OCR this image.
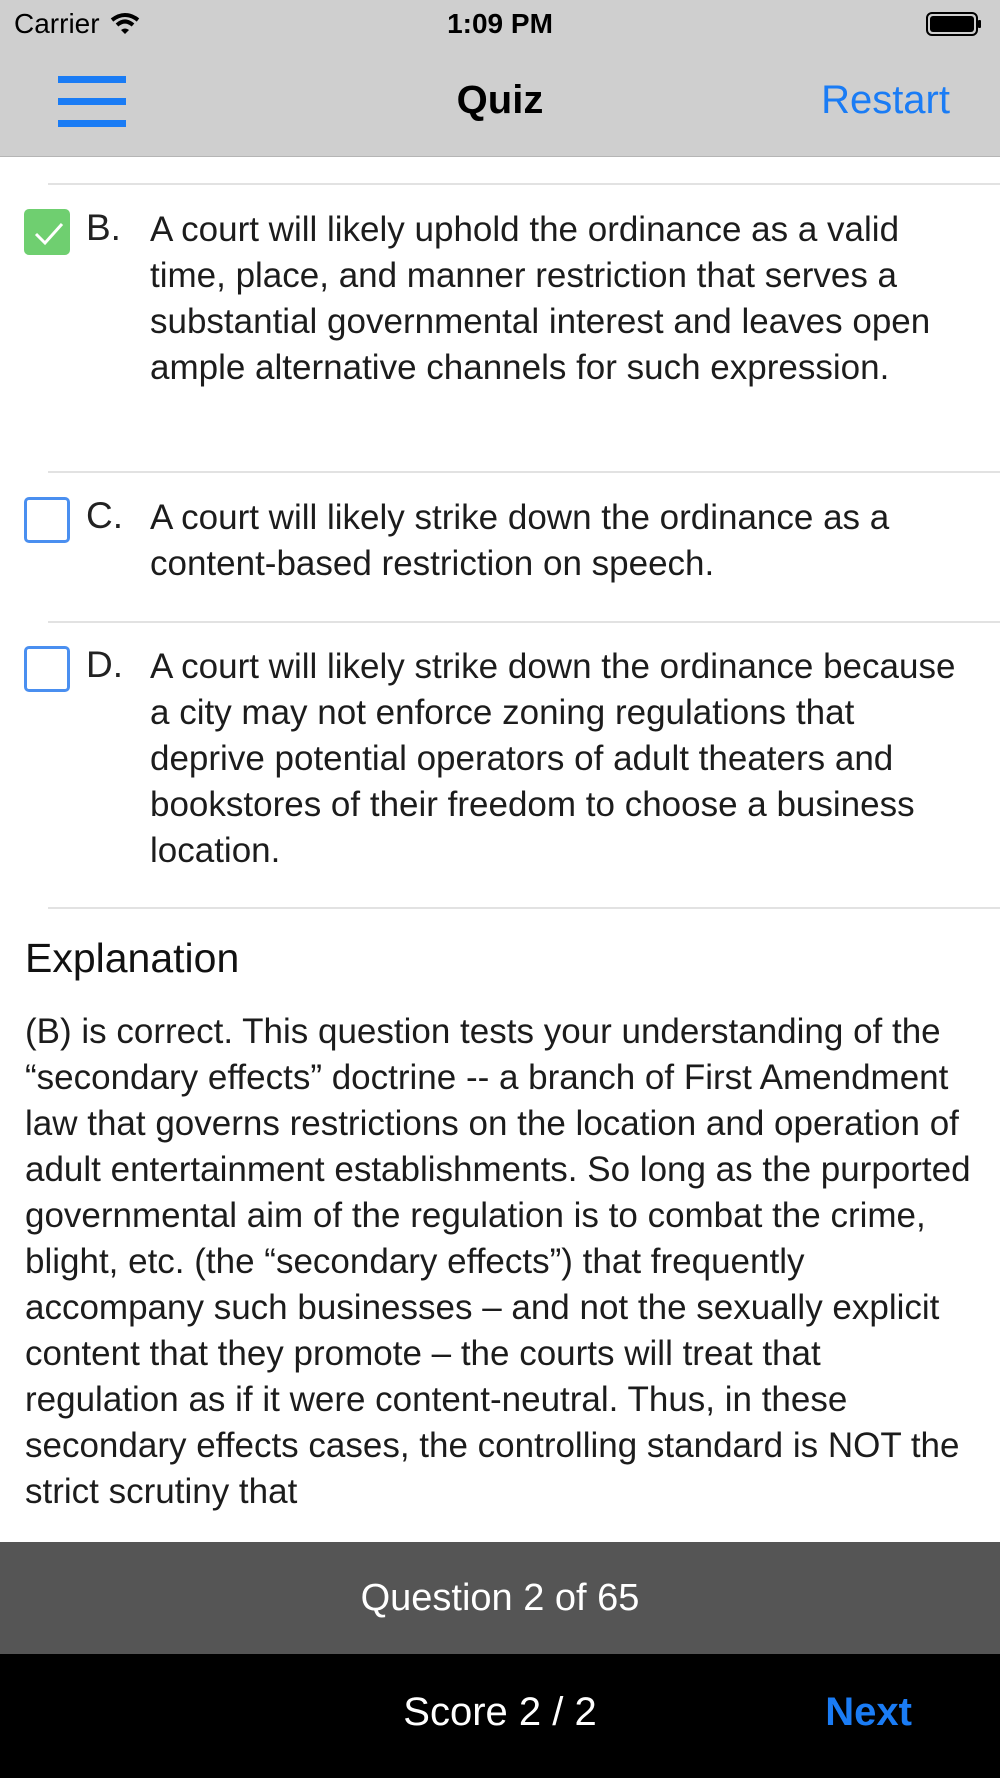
Carrier	1:09 PM
Quiz	Restart
B. A court will likely uphold the ordinance as a valid time, place, and manner restriction that serves a substantial governmental interest and leaves open ample alternative channels for such expression.
C. A court will likely strike down the ordinance as a content-based restriction on speech.
D. A court will likely strike down the ordinance because a city may not enforce zoning regulations that deprive potential operators of adult theaters and bookstores of their freedom to choose a business location.
Explanation
(B) is correct. This question tests your understanding of the “secondary effects” doctrine -- a branch of First Amendment law that governs restrictions on the location and operation of adult entertainment establishments. So long as the purported governmental aim of the regulation is to combat the crime, blight, etc. (the “secondary effects”) that frequently accompany such businesses – and not the sexually explicit content that they promote – the courts will treat that regulation as if it were content-neutral. Thus, in these secondary effects cases, the controlling standard is NOT the strict scrutiny that
Question 2 of 65
Score 2 / 2	Next
